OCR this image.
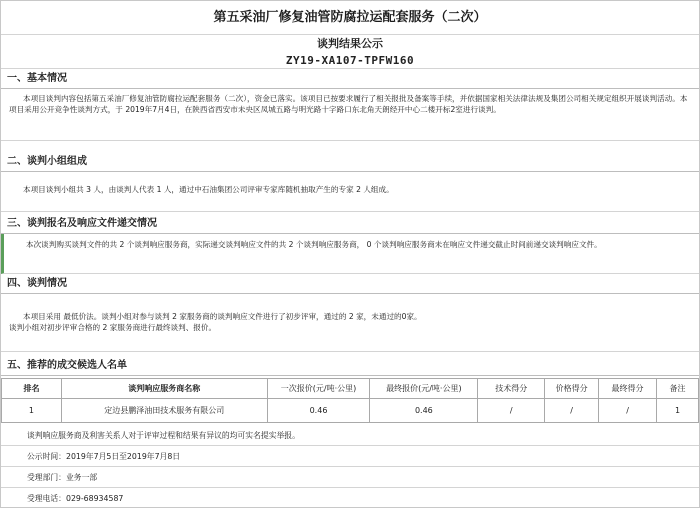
第五采油厂修复油管防腐拉运配套服务（二次）
谈判结果公示
ZY19-XA107-TPFW160
一、基本情况
本项目谈判内容包括第五采油厂修复油管防腐拉运配套服务（二次），资金已落实。该项目已按要求履行了相关报批及备案等手续，并依据国家相关法律法规及集团公司相关规定组织开展谈判活动。本项目采用公开竞争性谈判方式，于 2019年7月4日，在陕西省西安市未央区凤城五路与明光路十字路口东北角天朗经开中心二楼开标2室进行谈判。
二、谈判小组组成
本项目谈判小组共 3 人，由谈判人代表 1 人，通过中石油集团公司评审专家库随机抽取产生的专家 2 人组成。
三、谈判报名及响应文件递交情况
本次谈判购买谈判文件的共 2 个谈判响应服务商，实际递交谈判响应文件的共 2 个谈判响应服务商， 0 个谈判响应服务商未在响应文件递交截止时间前递交谈判响应文件。
四、谈判情况
本项目采用 最低价法。谈判小组对参与谈判 2 家服务商的谈判响应文件进行了初步评审，通过的 2 家，未通过的0家。
谈判小组对初步评审合格的 2 家服务商进行最终谈判、报价。
五、推荐的成交候选人名单
排名	谈判响应服务商名称	一次报价(元/吨·公里)	最终报价(元/吨·公里)	技术得分	价格得分	最终得分	备注
1	定边县鹏泽油田技术服务有限公司	0.46	0.46	/	/	/	1
谈判响应服务商及利害关系人对于评审过程和结果有异议的均可实名提实举报。
公示时间：2019年7月5日至2019年7月8日
受理部门：业务一部
受理电话：029-68934587
